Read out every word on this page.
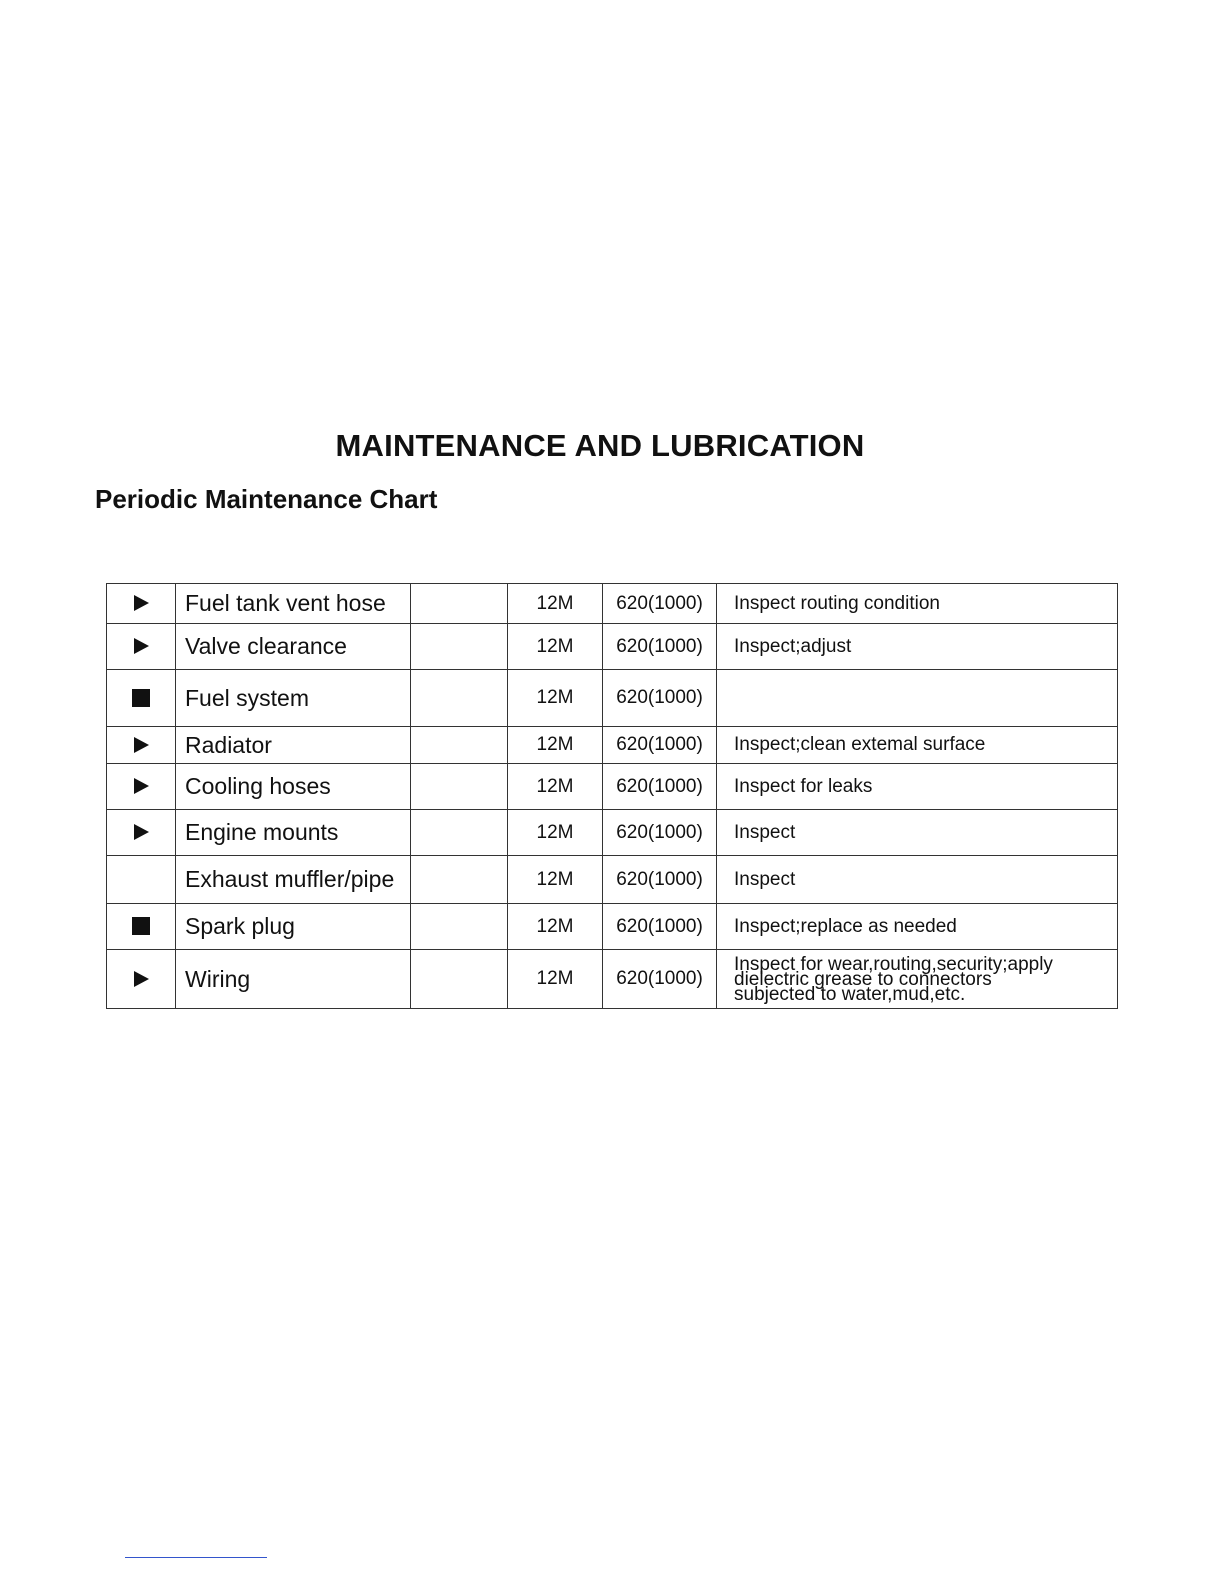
MAINTENANCE AND LUBRICATION
Periodic Maintenance Chart
	Fuel tank vent hose		12M	620(1000)	Inspect routing condition
	Valve clearance		12M	620(1000)	Inspect;adjust
	Fuel system		12M	620(1000)	
	Radiator		12M	620(1000)	Inspect;clean extemal surface
	Cooling hoses		12M	620(1000)	Inspect for leaks
	Engine mounts		12M	620(1000)	Inspect
	Exhaust muffler/pipe		12M	620(1000)	Inspect
	Spark plug		12M	620(1000)	Inspect;replace as needed
	Wiring		12M	620(1000)	Inspect for wear,routing,security;apply
dielectric grease to connectors
subjected to water,mud,etc.
